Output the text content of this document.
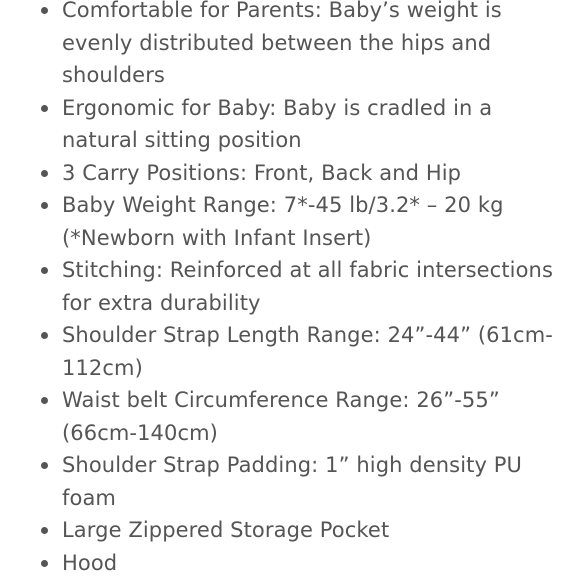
Comfortable for Parents: Baby’s weight is evenly distributed between the hips and shoulders
Ergonomic for Baby: Baby is cradled in a natural sitting position
3 Carry Positions: Front, Back and Hip
Baby Weight Range: 7*-45 lb/3.2* – 20 kg (*Newborn with Infant Insert)
Stitching: Reinforced at all fabric intersections for extra durability
Shoulder Strap Length Range: 24”-44” (61cm-112cm)
Waist belt Circumference Range: 26”-55” (66cm-140cm)
Shoulder Strap Padding: 1” high density PU foam
Large Zippered Storage Pocket
Hood
